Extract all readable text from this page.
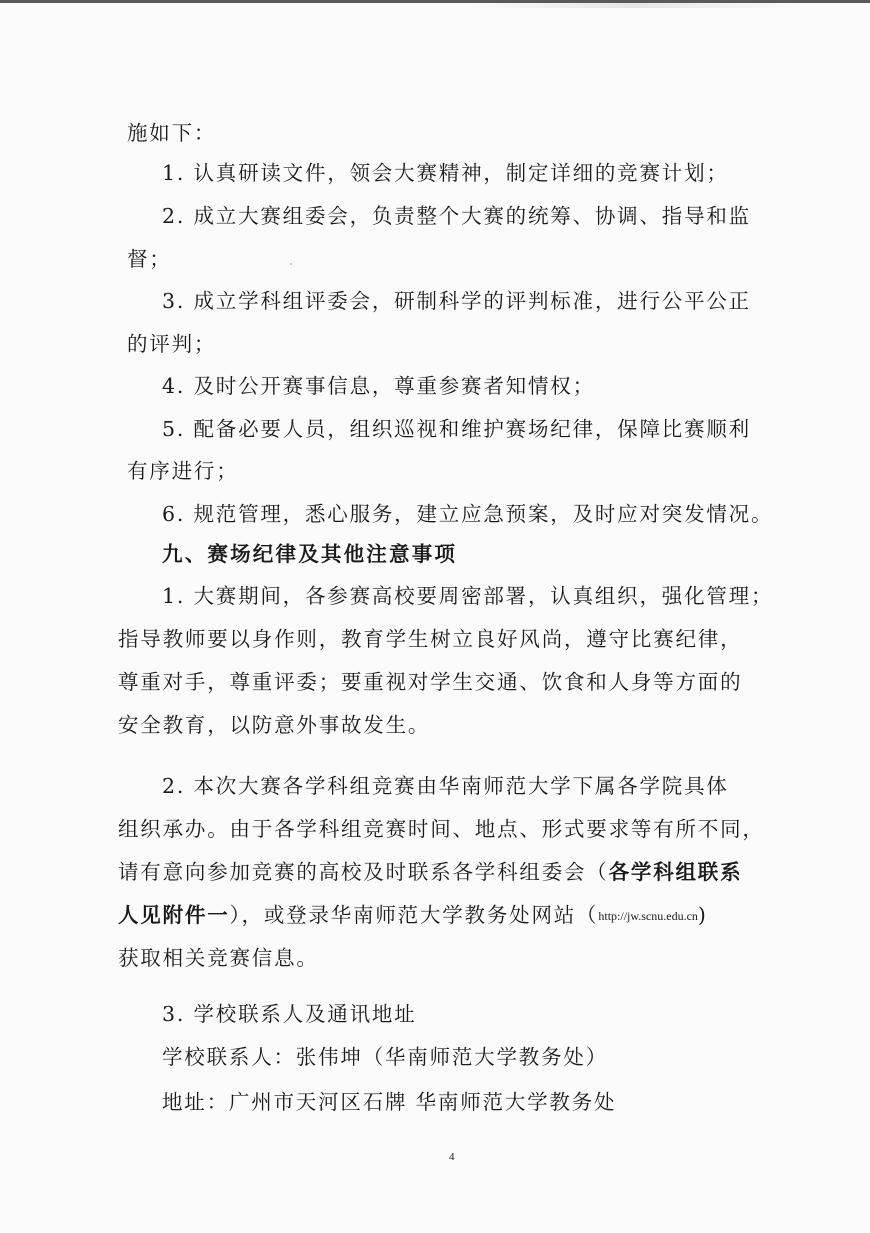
施如下：
1. 认真研读文件，领会大赛精神，制定详细的竞赛计划；
2. 成立大赛组委会，负责整个大赛的统筹、协调、指导和监
督；
3. 成立学科组评委会，研制科学的评判标准，进行公平公正
的评判；
4. 及时公开赛事信息，尊重参赛者知情权；
5. 配备必要人员，组织巡视和维护赛场纪律，保障比赛顺利
有序进行；
6. 规范管理，悉心服务，建立应急预案，及时应对突发情况。
九、赛场纪律及其他注意事项
1. 大赛期间，各参赛高校要周密部署，认真组织，强化管理；
指导教师要以身作则，教育学生树立良好风尚，遵守比赛纪律，
尊重对手，尊重评委；要重视对学生交通、饮食和人身等方面的
安全教育，以防意外事故发生。
2. 本次大赛各学科组竞赛由华南师范大学下属各学院具体
组织承办。由于各学科组竞赛时间、地点、形式要求等有所不同，
请有意向参加竞赛的高校及时联系各学科组委会（各学科组联系
人见附件一），或登录华南师范大学教务处网站（http://jw.scnu.edu.cn)
获取相关竞赛信息。
3. 学校联系人及通讯地址
学校联系人：张伟坤（华南师范大学教务处）
地址：广州市天河区石牌 华南师范大学教务处
4
